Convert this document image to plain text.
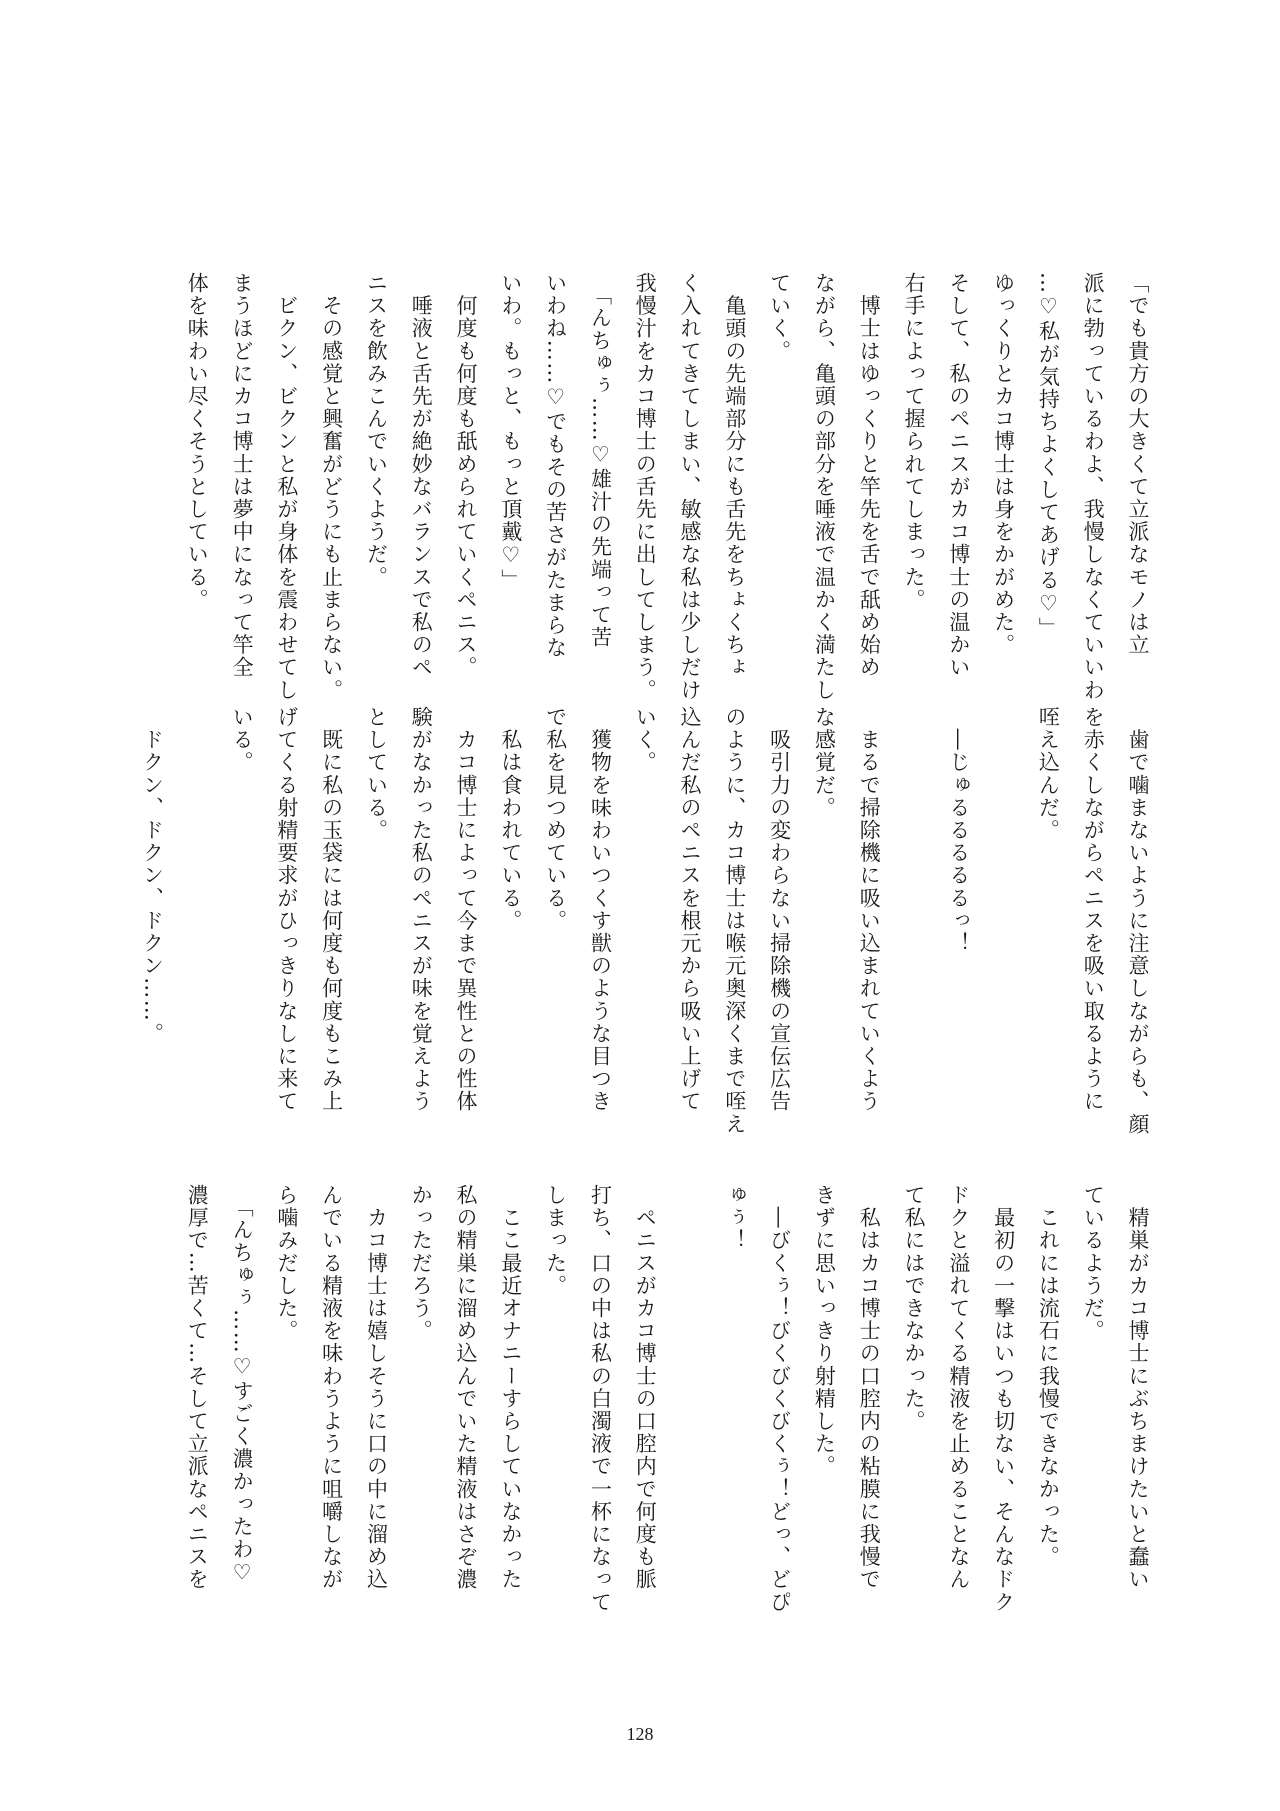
「でも貴方の大きくて立派なモノは立
派に勃っているわよ、我慢しなくていいわ
…♡私が気持ちよくしてあげる♡」
ゆっくりとカコ博士は身をかがめた。
そして、私のペニスがカコ博士の温かい
右手によって握られてしまった。
　博士はゆっくりと竿先を舌で舐め始め
ながら、亀頭の部分を唾液で温かく満たし
ていく。
　亀頭の先端部分にも舌先をちょくちょ
く入れてきてしまい、敏感な私は少しだけ
我慢汁をカコ博士の舌先に出してしまう。
　「んちゅぅ……♡雄汁の先端って苦
いわね……♡でもその苦さがたまらな
いわ。もっと、もっと頂戴♡」
　何度も何度も舐められていくペニス。
　唾液と舌先が絶妙なバランスで私のペ
ニスを飲みこんでいくようだ。
　その感覚と興奮がどうにも止まらない。
　ビクン、ビクンと私が身体を震わせてし
まうほどにカコ博士は夢中になって竿全
体を味わい尽くそうとしている。
　歯で噛まないように注意しながらも、顔
を赤くしながらペニスを吸い取るように
咥え込んだ。
　―じゅるるるるるっ！
　まるで掃除機に吸い込まれていくよう
な感覚だ。
　吸引力の変わらない掃除機の宣伝広告
のように、カコ博士は喉元奥深くまで咥え
込んだ私のペニスを根元から吸い上げて
いく。
　獲物を味わいつくす獣のような目つき
で私を見つめている。
　私は食われている。
　カコ博士によって今まで異性との性体
験がなかった私のペニスが味を覚えよう
としている。
　既に私の玉袋には何度も何度もこみ上
げてくる射精要求がひっきりなしに来て
いる。
　ドクン、ドクン、ドクン……。
　精巣がカコ博士にぶちまけたいと蠢い
ているようだ。
　これには流石に我慢できなかった。
　最初の一撃はいつも切ない、そんなドク
ドクと溢れてくる精液を止めることなん
て私にはできなかった。
　私はカコ博士の口腔内の粘膜に我慢で
きずに思いっきり射精した。
　―びくぅ！びくびくびくぅ！どっ、どぴ
ゅぅ！
　ペニスがカコ博士の口腔内で何度も脈
打ち、口の中は私の白濁液で一杯になって
しまった。
　ここ最近オナニーすらしていなかった
私の精巣に溜め込んでいた精液はさぞ濃
かっただろう。
　カコ博士は嬉しそうに口の中に溜め込
んでいる精液を味わうように咀嚼しなが
ら噛みだした。
　「んちゅぅ……♡すごく濃かったわ♡
濃厚で…苦くて…そして立派なペニスを
128
